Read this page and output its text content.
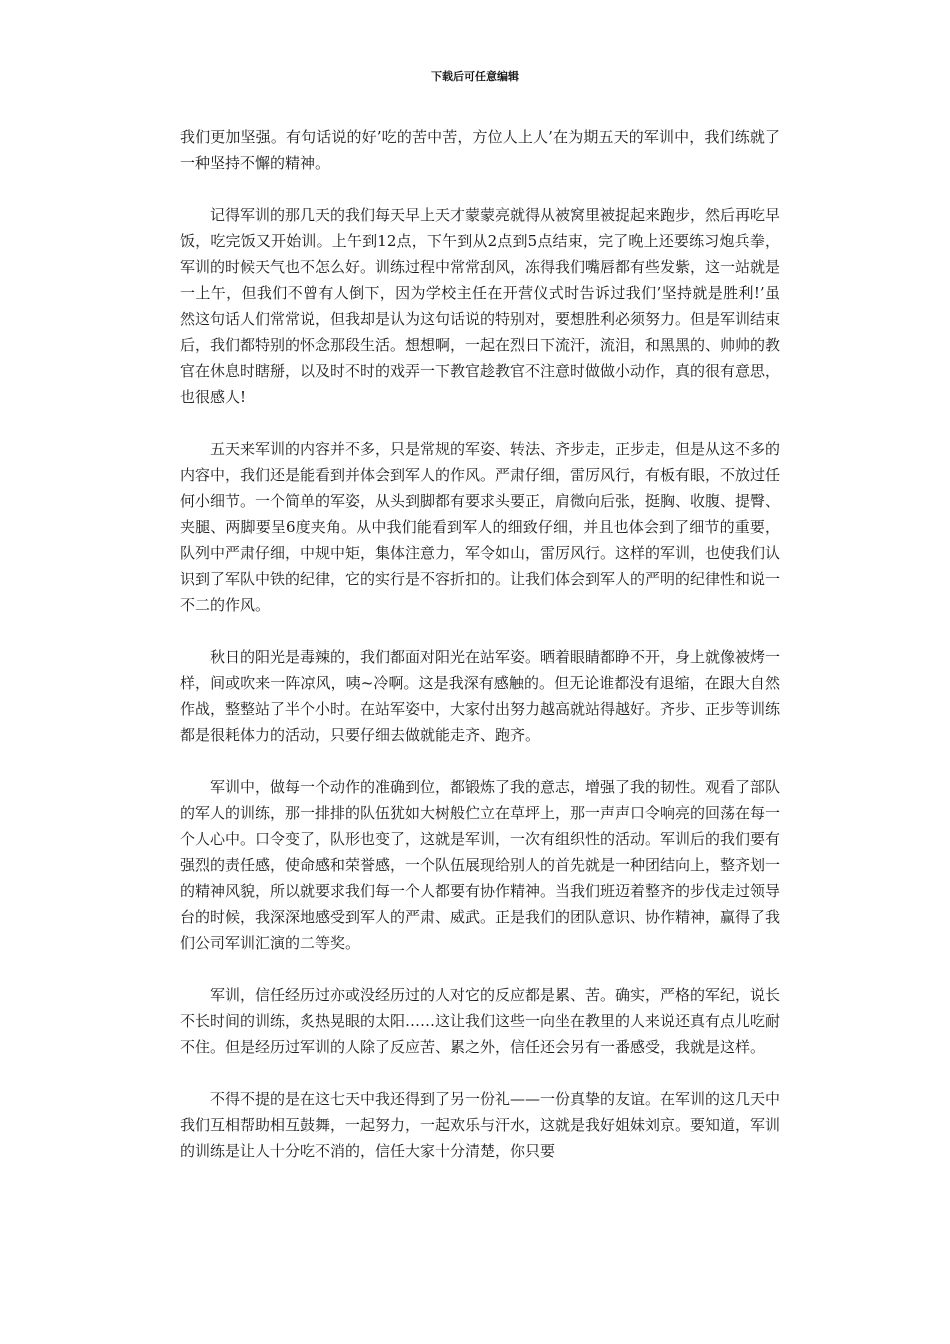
下载后可任意编辑

我们更加坚强。有句话说的好’吃的苦中苦，方位人上人’在为期五天的军训中，我们练就了一种坚持不懈的精神。

记得军训的那几天的我们每天早上天才蒙蒙亮就得从被窝里被捉起来跑步，然后再吃早饭，吃完饭又开始训。上午到12点，下午到从2点到5点结束，完了晚上还要练习炮兵拳，军训的时候天气也不怎么好。训练过程中常常刮风，冻得我们嘴唇都有些发紫，这一站就是一上午，但我们不曾有人倒下，因为学校主任在开营仪式时告诉过我们’坚持就是胜利!’虽然这句话人们常常说，但我却是认为这句话说的特别对，要想胜利必须努力。但是军训结束后，我们都特别的怀念那段生活。想想啊，一起在烈日下流汗，流泪，和黑黑的、帅帅的教官在休息时瞎掰，以及时不时的戏弄一下教官趁教官不注意时做做小动作，真的很有意思，也很感人!

五天来军训的内容并不多，只是常规的军姿、转法、齐步走，正步走，但是从这不多的内容中，我们还是能看到并体会到军人的作风。严肃仔细，雷厉风行，有板有眼，不放过任何小细节。一个简单的军姿，从头到脚都有要求头要正，肩微向后张，挺胸、收腹、提臀、夹腿、两脚要呈6度夹角。从中我们能看到军人的细致仔细，并且也体会到了细节的重要，队列中严肃仔细，中规中矩，集体注意力，军令如山，雷厉风行。这样的军训，也使我们认识到了军队中铁的纪律，它的实行是不容折扣的。让我们体会到军人的严明的纪律性和说一不二的作风。

秋日的阳光是毒辣的，我们都面对阳光在站军姿。晒着眼睛都睁不开，身上就像被烤一样，间或吹来一阵凉风，咦~冷啊。这是我深有感触的。但无论谁都没有退缩，在跟大自然作战，整整站了半个小时。在站军姿中，大家付出努力越高就站得越好。齐步、正步等训练都是很耗体力的活动，只要仔细去做就能走齐、跑齐。

军训中，做每一个动作的准确到位，都锻炼了我的意志，增强了我的韧性。观看了部队的军人的训练，那一排排的队伍犹如大树般伫立在草坪上，那一声声口令响亮的回荡在每一个人心中。口令变了，队形也变了，这就是军训，一次有组织性的活动。军训后的我们要有强烈的责任感，使命感和荣誉感，一个队伍展现给别人的首先就是一种团结向上，整齐划一的精神风貌，所以就要求我们每一个人都要有协作精神。当我们班迈着整齐的步伐走过领导台的时候，我深深地感受到军人的严肃、威武。正是我们的团队意识、协作精神，赢得了我们公司军训汇演的二等奖。

军训，信任经历过亦或没经历过的人对它的反应都是累、苦。确实，严格的军纪，说长不长时间的训练，炙热晃眼的太阳……这让我们这些一向坐在教里的人来说还真有点儿吃耐不住。但是经历过军训的人除了反应苦、累之外，信任还会另有一番感受，我就是这样。

不得不提的是在这七天中我还得到了另一份礼——一份真挚的友谊。在军训的这几天中我们互相帮助相互鼓舞，一起努力，一起欢乐与汗水，这就是我好姐妹刘京。要知道，军训的训练是让人十分吃不消的，信任大家十分清楚，你只要
